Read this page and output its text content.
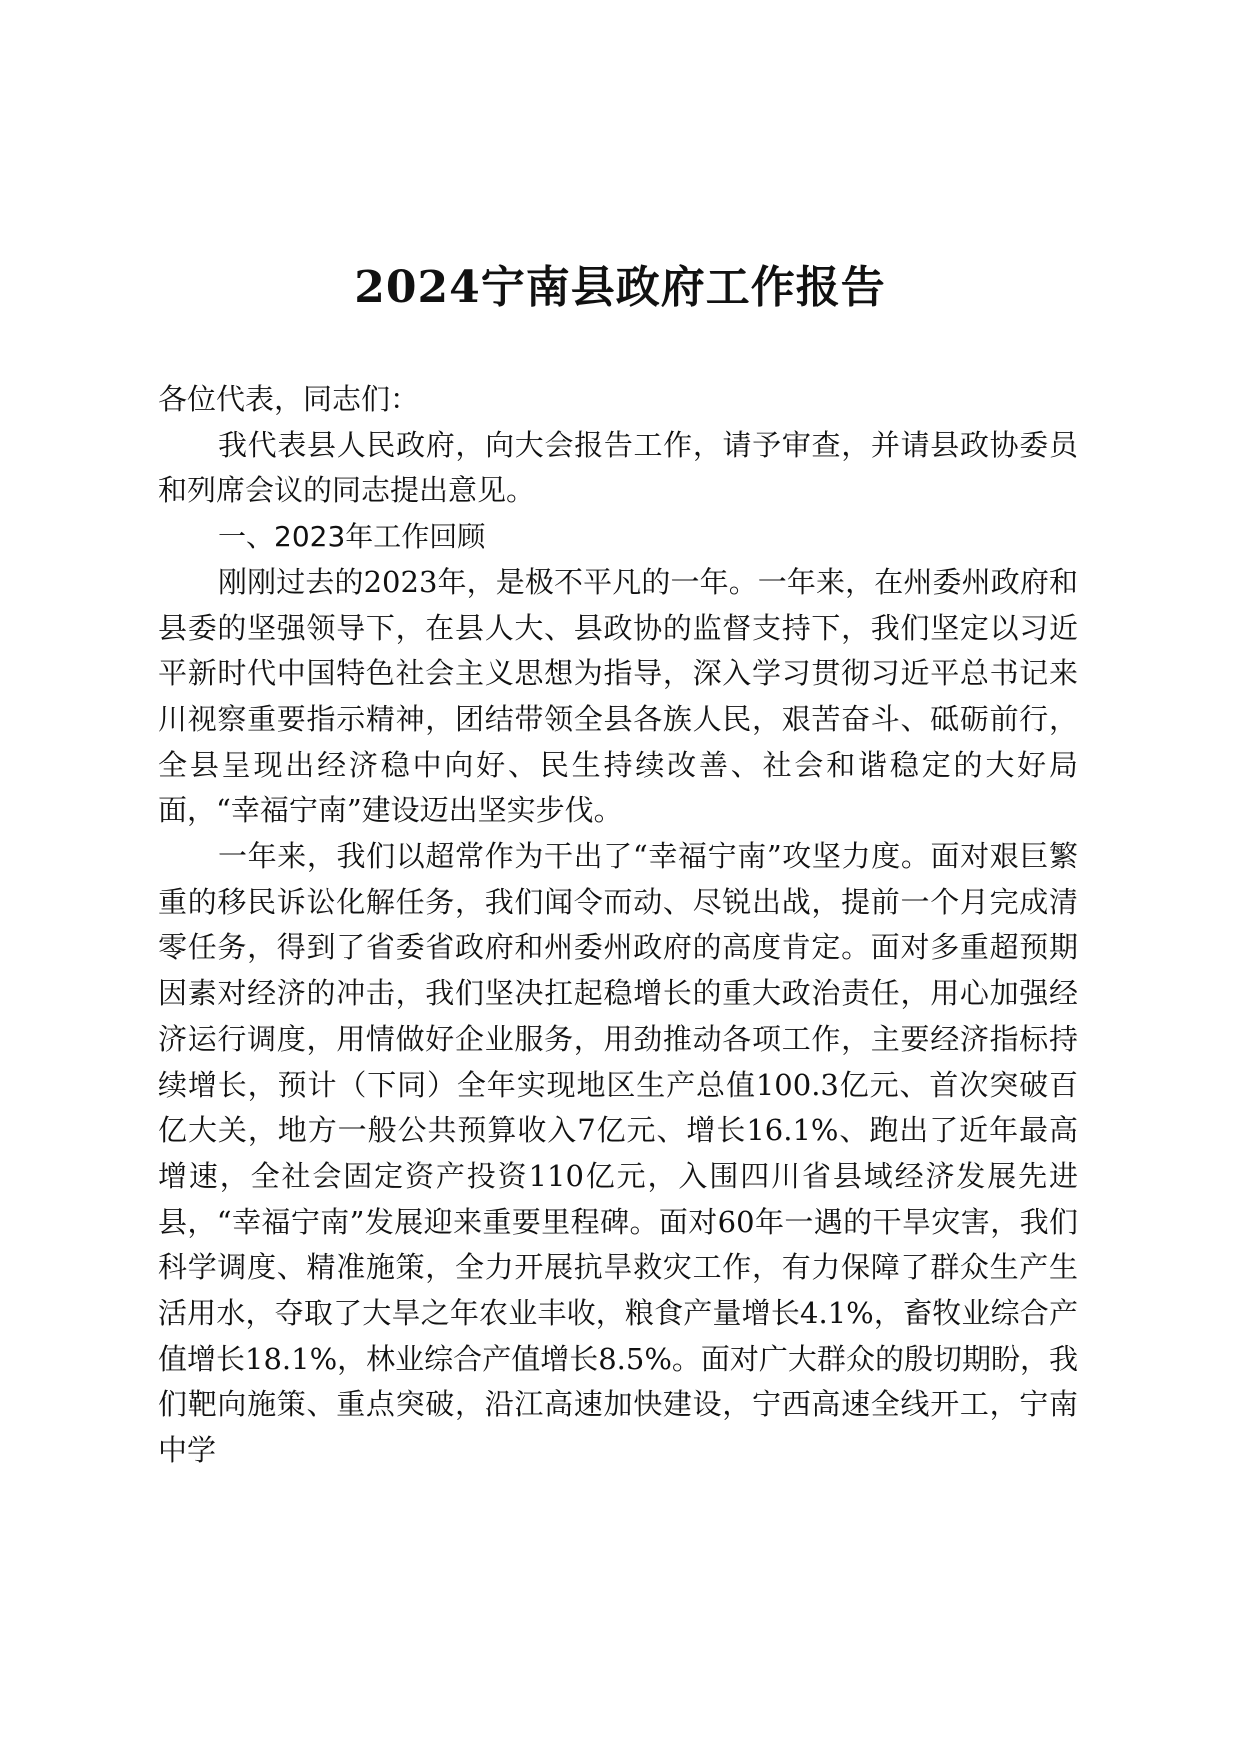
2024宁南县政府工作报告

各位代表，同志们：

我代表县人民政府，向大会报告工作，请予审查，并请县政协委员和列席会议的同志提出意见。

一、2023年工作回顾

刚刚过去的2023年，是极不平凡的一年。一年来，在州委州政府和县委的坚强领导下，在县人大、县政协的监督支持下，我们坚定以习近平新时代中国特色社会主义思想为指导，深入学习贯彻习近平总书记来川视察重要指示精神，团结带领全县各族人民，艰苦奋斗、砥砺前行，全县呈现出经济稳中向好、民生持续改善、社会和谐稳定的大好局面，“幸福宁南”建设迈出坚实步伐。

一年来，我们以超常作为干出了“幸福宁南”攻坚力度。面对艰巨繁重的移民诉讼化解任务，我们闻令而动、尽锐出战，提前一个月完成清零任务，得到了省委省政府和州委州政府的高度肯定。面对多重超预期因素对经济的冲击，我们坚决扛起稳增长的重大政治责任，用心加强经济运行调度，用情做好企业服务，用劲推动各项工作，主要经济指标持续增长，预计（下同）全年实现地区生产总值100.3亿元、首次突破百亿大关，地方一般公共预算收入7亿元、增长16.1%、跑出了近年最高增速，全社会固定资产投资110亿元，入围四川省县域经济发展先进县，“幸福宁南”发展迎来重要里程碑。面对60年一遇的干旱灾害，我们科学调度、精准施策，全力开展抗旱救灾工作，有力保障了群众生产生活用水，夺取了大旱之年农业丰收，粮食产量增长4.1%，畜牧业综合产值增长18.1%，林业综合产值增长8.5%。面对广大群众的殷切期盼，我们靶向施策、重点突破，沿江高速加快建设，宁西高速全线开工，宁南中学
